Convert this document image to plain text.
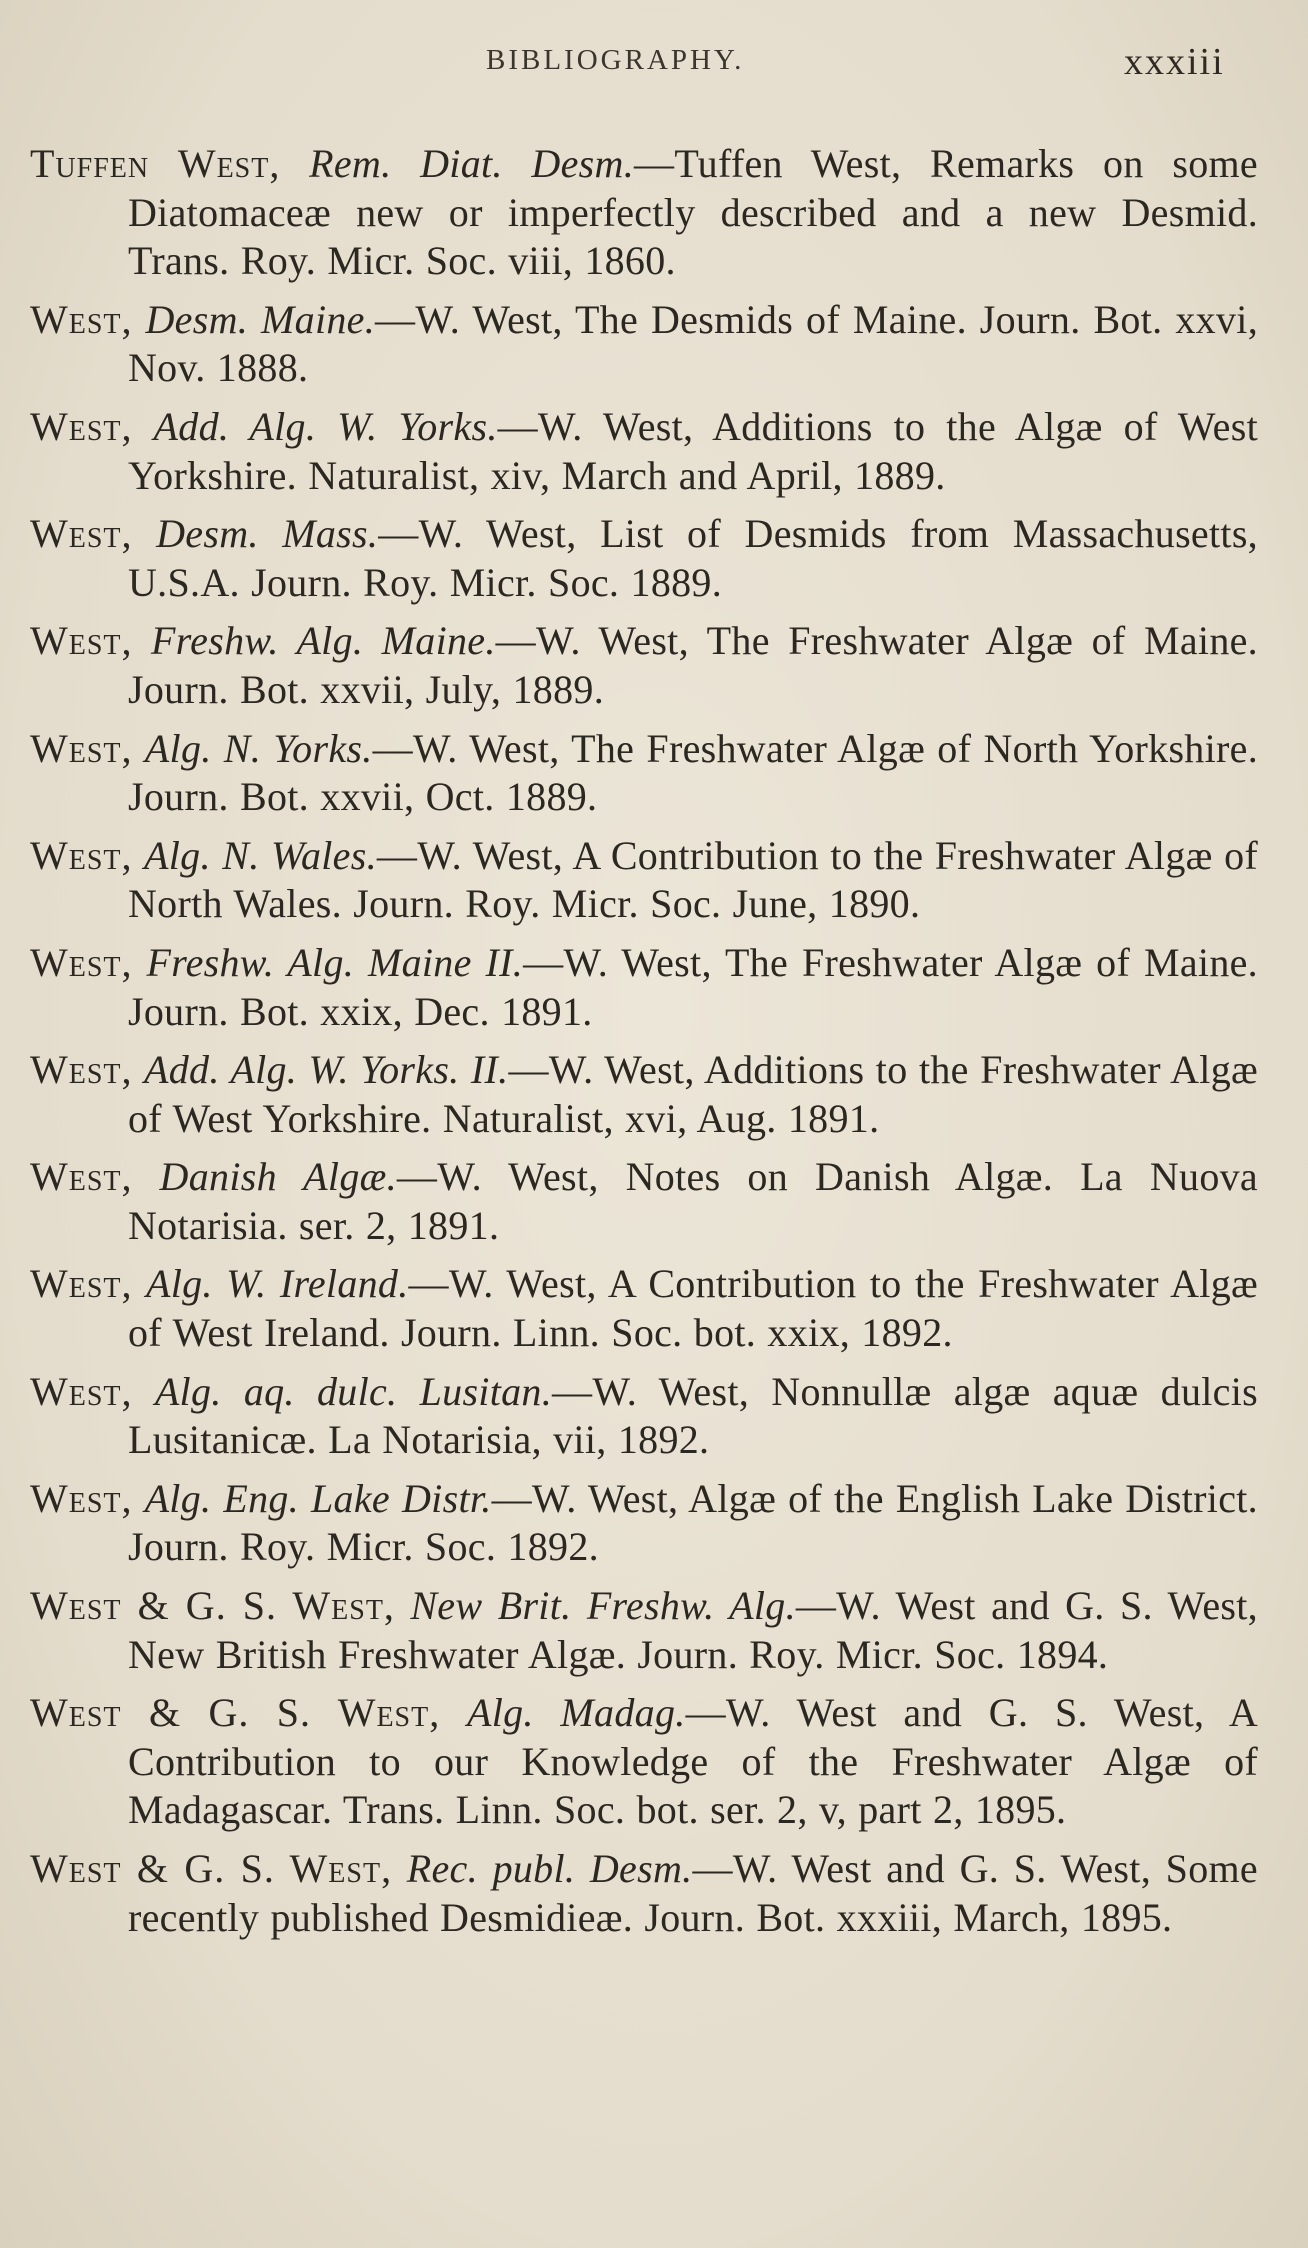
BIBLIOGRAPHY.	xxxiii

Tuffen West, Rem. Diat. Desm.—Tuffen West, Remarks on some Diatomaceæ new or imperfectly described and a new Desmid. Trans. Roy. Micr. Soc. viii, 1860.

West, Desm. Maine.—W. West, The Desmids of Maine. Journ. Bot. xxvi, Nov. 1888.

West, Add. Alg. W. Yorks.—W. West, Additions to the Algæ of West Yorkshire. Naturalist, xiv, March and April, 1889.

West, Desm. Mass.—W. West, List of Desmids from Massachusetts, U.S.A. Journ. Roy. Micr. Soc. 1889.

West, Freshw. Alg. Maine.—W. West, The Freshwater Algæ of Maine. Journ. Bot. xxvii, July, 1889.

West, Alg. N. Yorks.—W. West, The Freshwater Algæ of North Yorkshire. Journ. Bot. xxvii, Oct. 1889.

West, Alg. N. Wales.—W. West, A Contribution to the Freshwater Algæ of North Wales. Journ. Roy. Micr. Soc. June, 1890.

West, Freshw. Alg. Maine II.—W. West, The Freshwater Algæ of Maine. Journ. Bot. xxix, Dec. 1891.

West, Add. Alg. W. Yorks. II.—W. West, Additions to the Freshwater Algæ of West Yorkshire. Naturalist, xvi, Aug. 1891.

West, Danish Algæ.—W. West, Notes on Danish Algæ. La Nuova Notarisia. ser. 2, 1891.

West, Alg. W. Ireland.—W. West, A Contribution to the Freshwater Algæ of West Ireland. Journ. Linn. Soc. bot. xxix, 1892.

West, Alg. aq. dulc. Lusitan.—W. West, Nonnullæ algæ aquæ dulcis Lusitanicæ. La Notarisia, vii, 1892.

West, Alg. Eng. Lake Distr.—W. West, Algæ of the English Lake District. Journ. Roy. Micr. Soc. 1892.

West & G. S. West, New Brit. Freshw. Alg.—W. West and G. S. West, New British Freshwater Algæ. Journ. Roy. Micr. Soc. 1894.

West & G. S. West, Alg. Madag.—W. West and G. S. West, A Contribution to our Knowledge of the Freshwater Algæ of Madagascar. Trans. Linn. Soc. bot. ser. 2, v, part 2, 1895.

West & G. S. West, Rec. publ. Desm.—W. West and G. S. West, Some recently published Desmidieæ. Journ. Bot. xxxiii, March, 1895.
